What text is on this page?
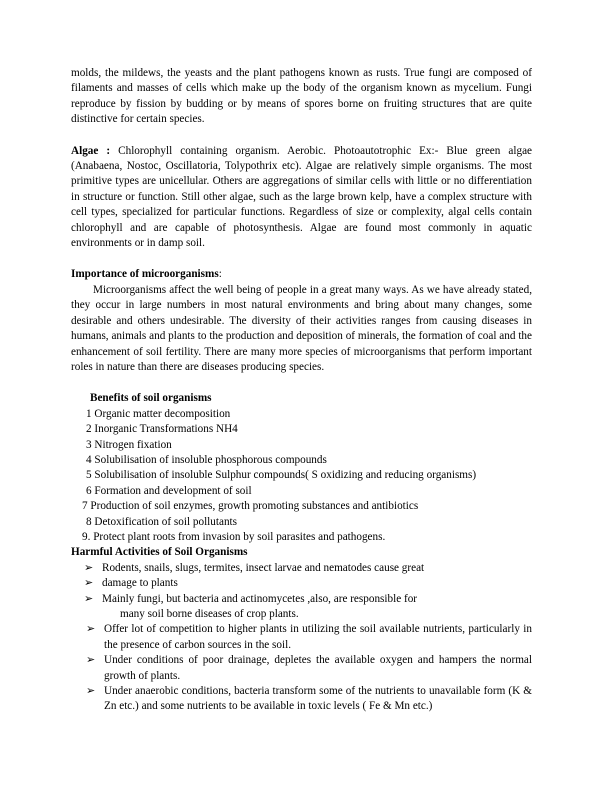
molds, the mildews, the yeasts and the plant pathogens known as rusts. True fungi are composed of filaments and masses of cells which make up the body of the organism known as mycelium. Fungi reproduce by fission by budding or by means of spores borne on fruiting structures that are quite distinctive for certain species.

Algae : Chlorophyll containing organism. Aerobic. Photoautotrophic Ex:- Blue green algae (Anabaena, Nostoc, Oscillatoria, Tolypothrix etc). Algae are relatively simple organisms. The most primitive types are unicellular. Others are aggregations of similar cells with little or no differentiation in structure or function. Still other algae, such as the large brown kelp, have a complex structure with cell types, specialized for particular functions. Regardless of size or complexity, algal cells contain chlorophyll and are capable of photosynthesis. Algae are found most commonly in aquatic environments or in damp soil.

Importance of microorganisms:

Microorganisms affect the well being of people in a great many ways. As we have already stated, they occur in large numbers in most natural environments and bring about many changes, some desirable and others undesirable. The diversity of their activities ranges from causing diseases in humans, animals and plants to the production and deposition of minerals, the formation of coal and the enhancement of soil fertility. There are many more species of microorganisms that perform important roles in nature than there are diseases producing species.

Benefits of soil organisms
1 Organic matter decomposition
2 Inorganic Transformations NH4
3 Nitrogen fixation
4 Solubilisation of insoluble phosphorous compounds
5 Solubilisation of insoluble Sulphur compounds( S oxidizing and reducing organisms)
6 Formation and development of soil
7 Production of soil enzymes, growth promoting substances and antibiotics
8 Detoxification of soil pollutants
9. Protect plant roots from invasion by soil parasites and pathogens.
Harmful Activities of Soil Organisms
➢ Rodents, snails, slugs, termites, insect larvae and nematodes cause great
➢ damage to plants
➢ Mainly fungi, but bacteria and actinomycetes ,also, are responsible for
many soil borne diseases of crop plants.
➢ Offer lot of competition to higher plants in utilizing the soil available nutrients, particularly in the presence of carbon sources in the soil.
➢ Under conditions of poor drainage, depletes the available oxygen and hampers the normal growth of plants.
➢ Under anaerobic conditions, bacteria transform some of the nutrients to unavailable form (K & Zn etc.) and some nutrients to be available in toxic levels ( Fe & Mn etc.)
